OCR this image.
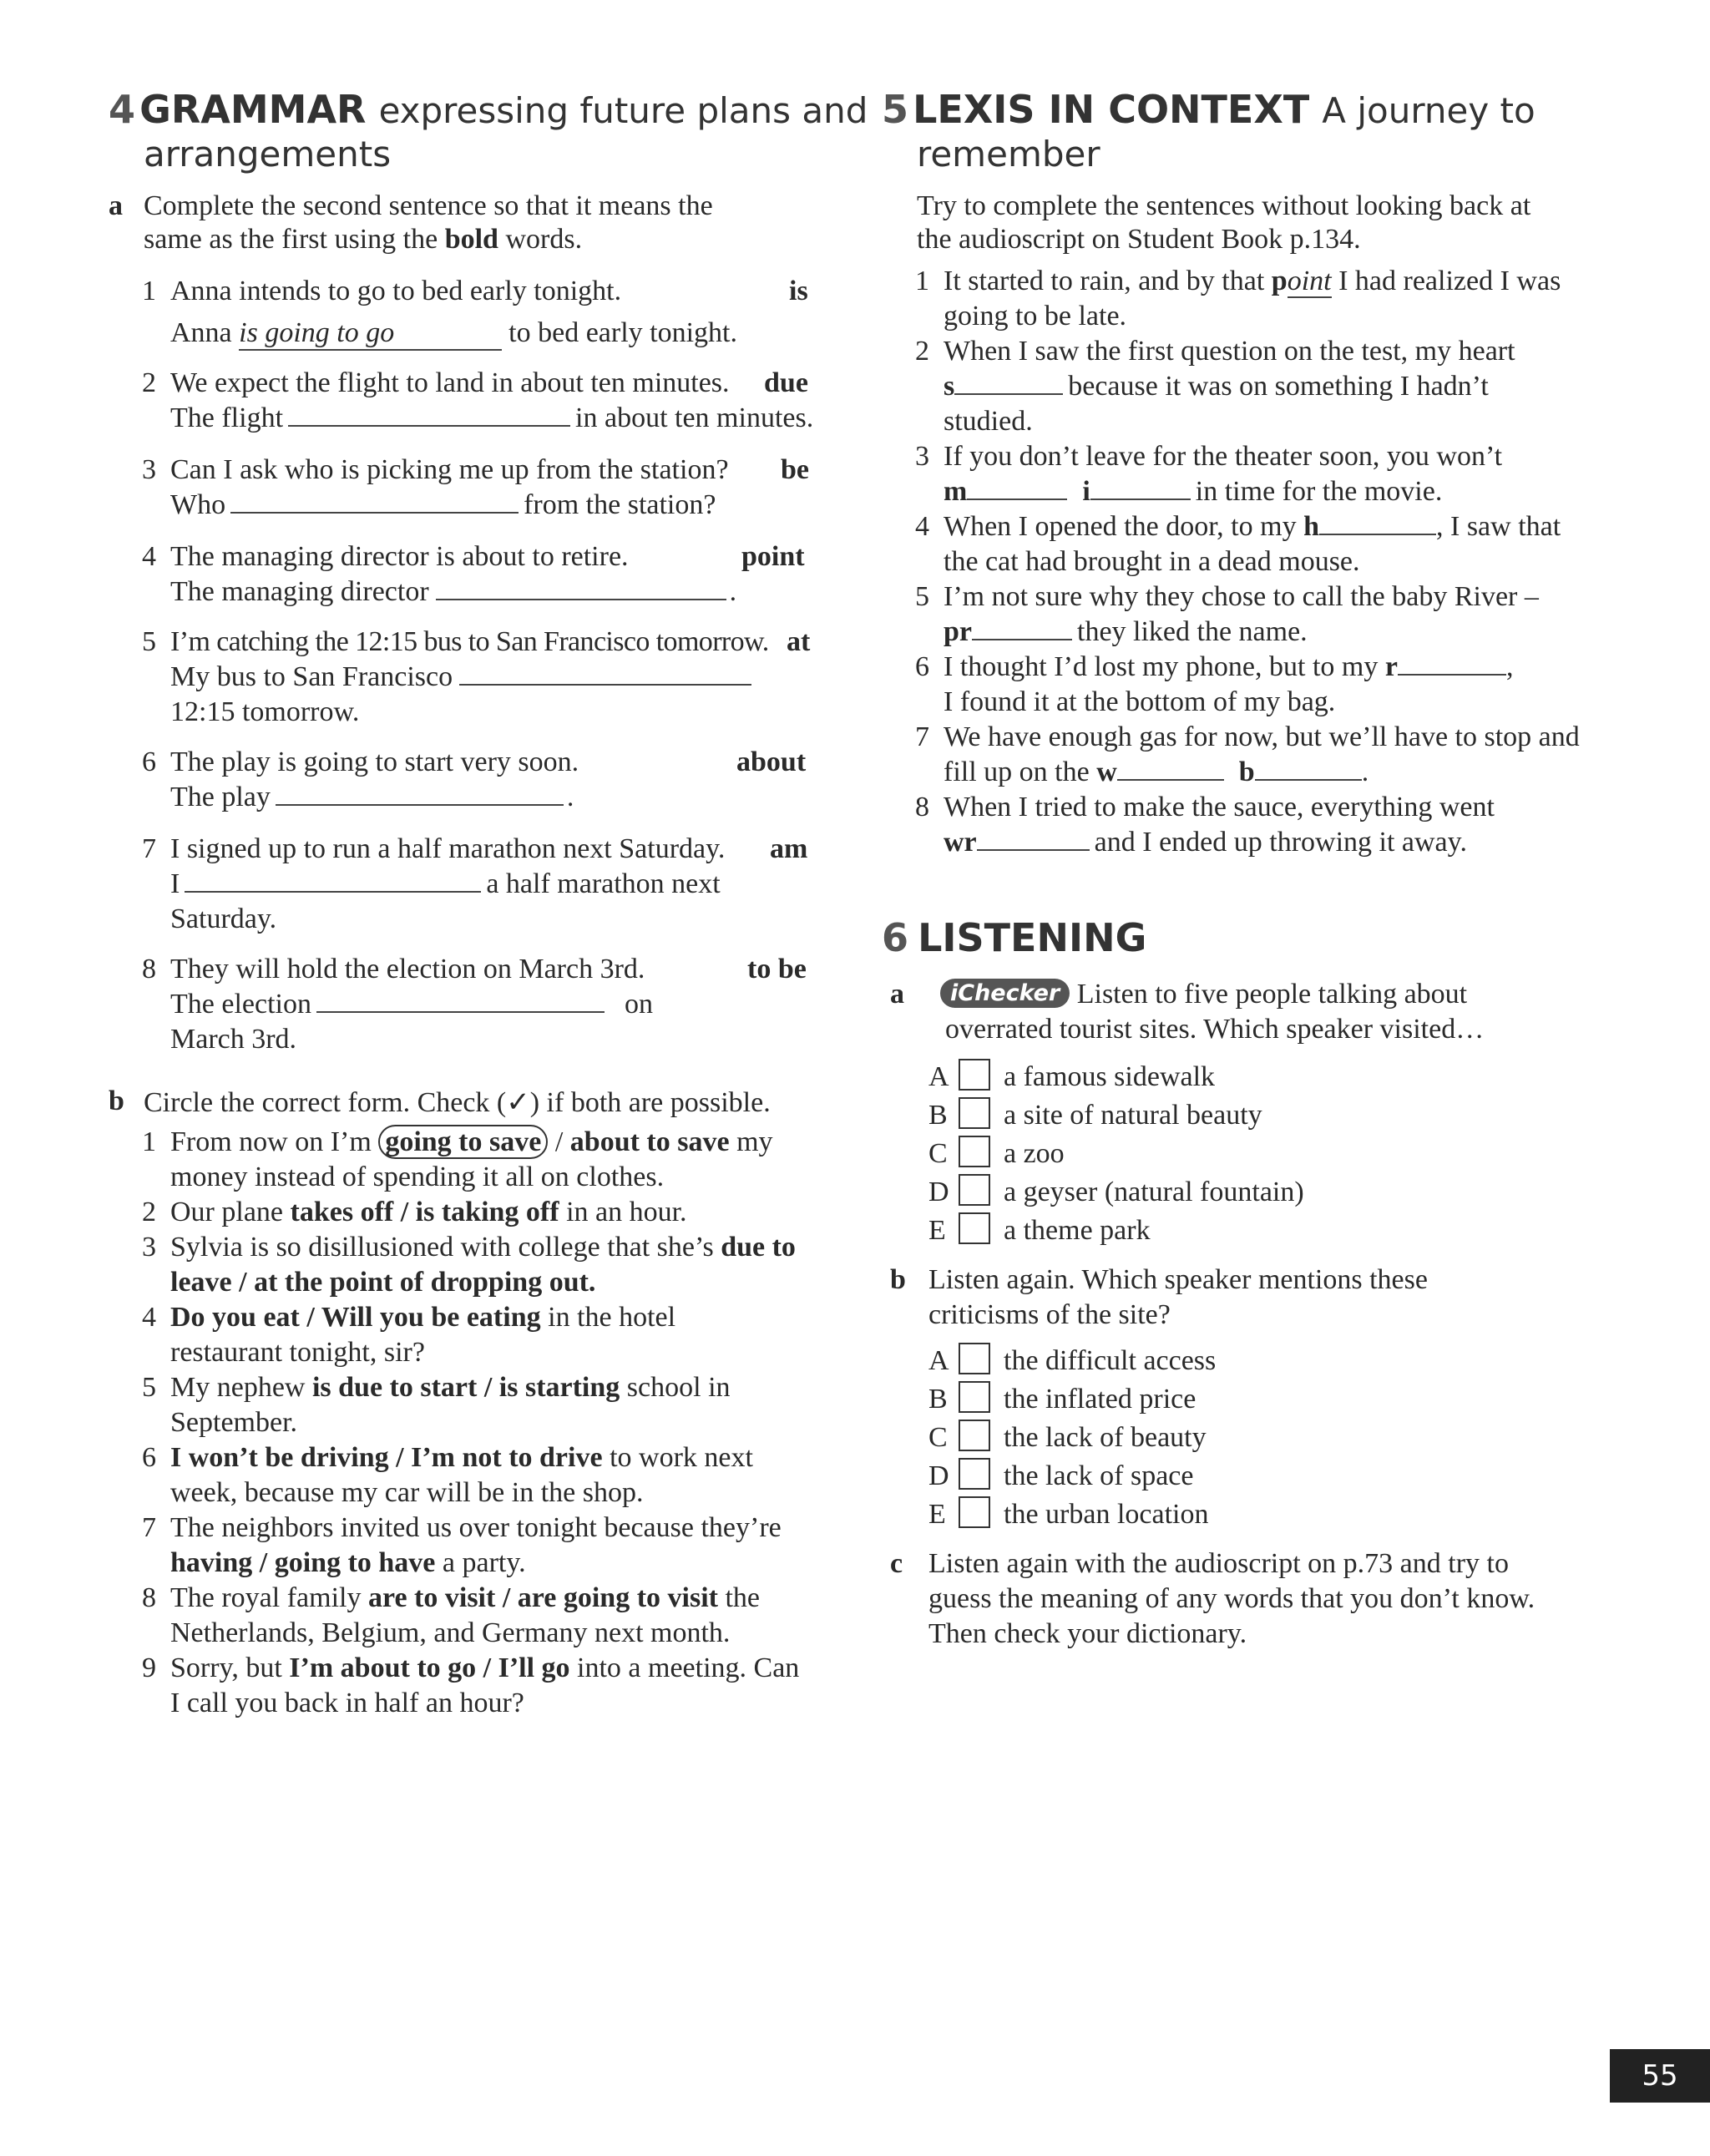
4 GRAMMAR expressing future plans and
arrangements
a Complete the second sentence so that it means the
same as the first using the bold words.
1 Anna intends to go to bed early tonight.	is
Anna is going to go	to bed early tonight.
2 We expect the flight to land in about ten minutes. due
The flight	in about ten minutes.
3 Can I ask who is picking me up from the station? be
Who	from the station?
4 The managing director is about to retire.	point
The managing director	.
5 I’m catching the 12:15 bus to San Francisco tomorrow. at
My bus to San Francisco
12:15 tomorrow.
6 The play is going to start very soon.	about
The play	.
7 I signed up to run a half marathon next Saturday. am
I	a half marathon next
Saturday.
8 They will hold the election on March 3rd.	to be
The election	on
March 3rd.
b Circle the correct form. Check (✓) if both are possible.
1 From now on I’m going to save / about to save my
money instead of spending it all on clothes.
2 Our plane takes off / is taking off in an hour.
3 Sylvia is so disillusioned with college that she’s due to
leave / at the point of dropping out.
4 Do you eat / Will you be eating in the hotel
restaurant tonight, sir?
5 My nephew is due to start / is starting school in
September.
6 I won’t be driving / I’m not to drive to work next
week, because my car will be in the shop.
7 The neighbors invited us over tonight because they’re
having / going to have a party.
8 The royal family are to visit / are going to visit the
Netherlands, Belgium, and Germany next month.
9 Sorry, but I’m about to go / I’ll go into a meeting. Can
I call you back in half an hour?
5 LEXIS IN CONTEXT A journey to
remember
Try to complete the sentences without looking back at
the audioscript on Student Book p.134.
1 It started to rain, and by that point I had realized I was
going to be late.
2 When I saw the first question on the test, my heart
s	because it was on something I hadn’t
studied.
3 If you don’t leave for the theater soon, you won’t
m	i	in time for the movie.
4 When I opened the door, to my h	, I saw that
the cat had brought in a dead mouse.
5 I’m not sure why they chose to call the baby River –
pr	they liked the name.
6 I thought I’d lost my phone, but to my r	,
I found it at the bottom of my bag.
7 We have enough gas for now, but we’ll have to stop and
fill up on the w	b	.
8 When I tried to make the sauce, everything went
wr	and I ended up throwing it away.
6 LISTENING
a	iChecker Listen to five people talking about
overrated tourist sites. Which speaker visited…
A a famous sidewalk
B a site of natural beauty
C a zoo
D a geyser (natural fountain)
E a theme park
b Listen again. Which speaker mentions these
criticisms of the site?
A the difficult access
B the inflated price
C the lack of beauty
D the lack of space
E the urban location
c Listen again with the audioscript on p.73 and try to
guess the meaning of any words that you don’t know.
Then check your dictionary.
55
